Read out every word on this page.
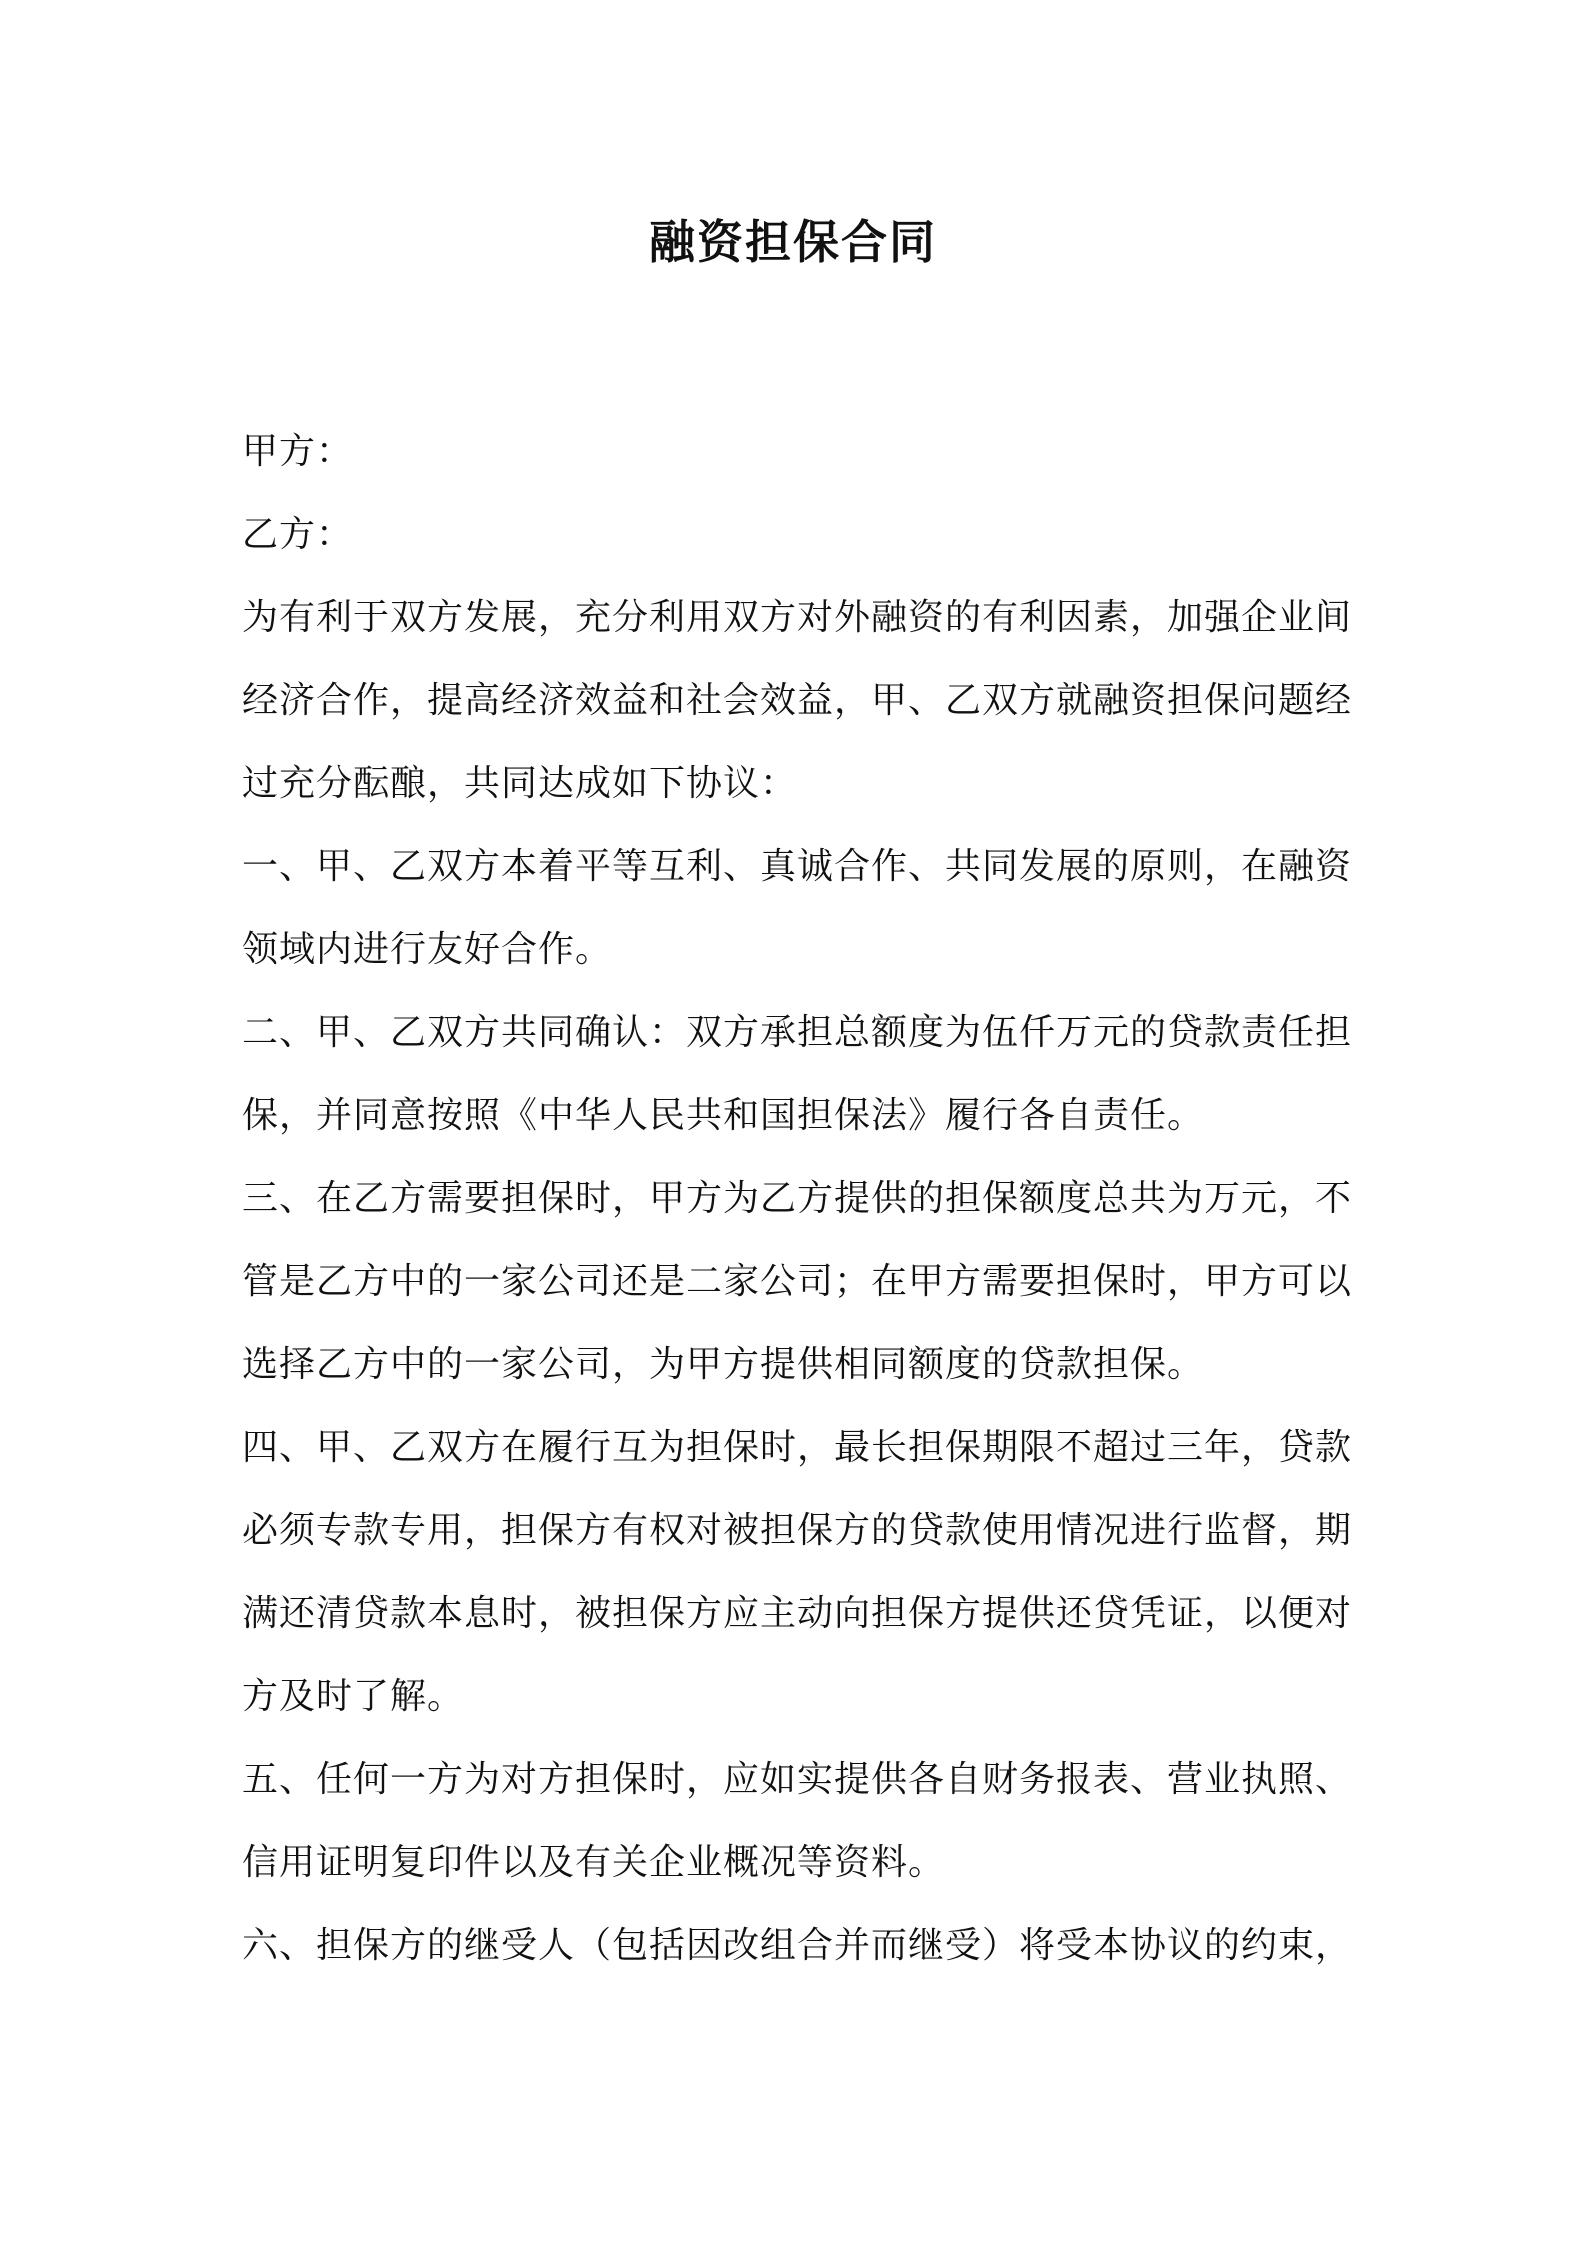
融资担保合同

甲方：

乙方：

为有利于双方发展，充分利用双方对外融资的有利因素，加强企业间经济合作，提高经济效益和社会效益，甲、乙双方就融资担保问题经过充分酝酿，共同达成如下协议：

一、甲、乙双方本着平等互利、真诚合作、共同发展的原则，在融资领域内进行友好合作。

二、甲、乙双方共同确认：双方承担总额度为伍仟万元的贷款责任担保，并同意按照《中华人民共和国担保法》履行各自责任。

三、在乙方需要担保时，甲方为乙方提供的担保额度总共为万元，不管是乙方中的一家公司还是二家公司；在甲方需要担保时，甲方可以选择乙方中的一家公司，为甲方提供相同额度的贷款担保。

四、甲、乙双方在履行互为担保时，最长担保期限不超过三年，贷款必须专款专用，担保方有权对被担保方的贷款使用情况进行监督，期满还清贷款本息时，被担保方应主动向担保方提供还贷凭证，以便对方及时了解。

五、任何一方为对方担保时，应如实提供各自财务报表、营业执照、信用证明复印件以及有关企业概况等资料。

六、担保方的继受人（包括因改组合并而继受）将受本协议的约束，
